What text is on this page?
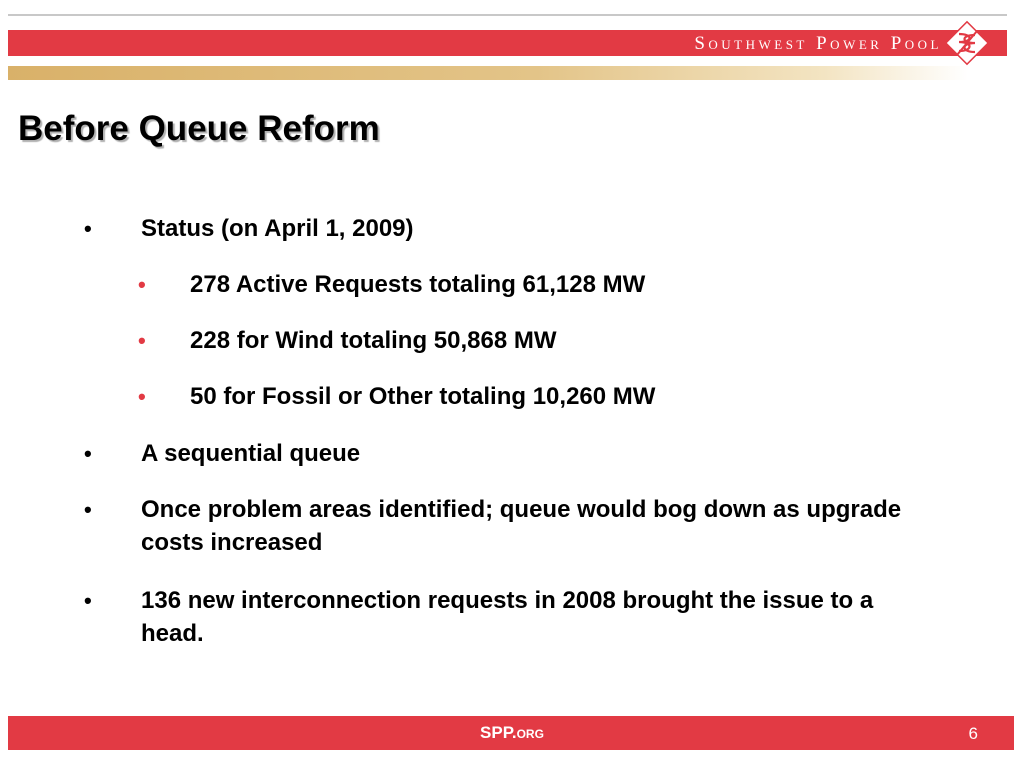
Southwest Power Pool
Before Queue Reform
• Status (on April 1, 2009)
• 278 Active Requests totaling 61,128 MW
• 228 for Wind totaling 50,868 MW
• 50 for Fossil or Other totaling 10,260 MW
• A sequential queue
• Once problem areas identified; queue would bog down as upgrade costs increased
• 136 new interconnection requests in 2008 brought the issue to a head.
SPP.org	6
